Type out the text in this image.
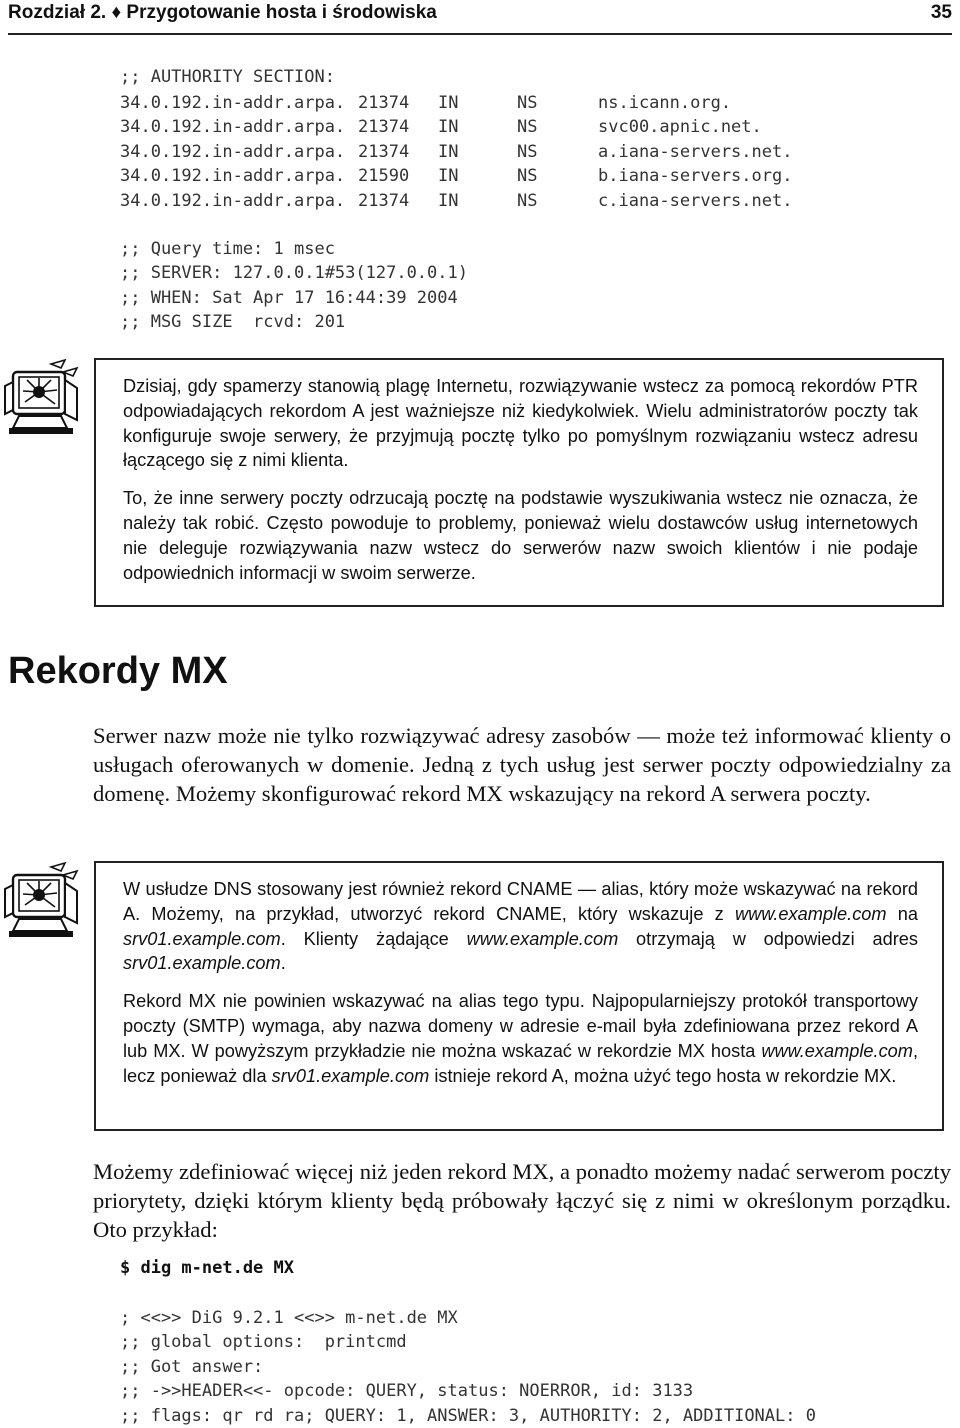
Rozdział 2. ♦ Przygotowanie hosta i środowiska	35
;; AUTHORITY SECTION:
34.0.192.in-addr.arpa. 21374 IN	NS	ns.icann.org.
34.0.192.in-addr.arpa. 21374 IN	NS	svc00.apnic.net.
34.0.192.in-addr.arpa. 21374 IN	NS	a.iana-servers.net.
34.0.192.in-addr.arpa. 21590 IN	NS	b.iana-servers.org.
34.0.192.in-addr.arpa. 21374 IN	NS	c.iana-servers.net.
;; Query time: 1 msec
;; SERVER: 127.0.0.1#53(127.0.0.1)
;; WHEN: Sat Apr 17 16:44:39 2004
;; MSG SIZE  rcvd: 201

Dzisiaj, gdy spamerzy stanowią plagę Internetu, rozwiązywanie wstecz za pomocą rekordów PTR odpowiadających rekordom A jest ważniejsze niż kiedykolwiek. Wielu administratorów poczty tak konfiguruje swoje serwery, że przyjmują pocztę tylko po pomyślnym rozwiązaniu wstecz adresu łączącego się z nimi klienta.

To, że inne serwery poczty odrzucają pocztę na podstawie wyszukiwania wstecz nie oznacza, że należy tak robić. Często powoduje to problemy, ponieważ wielu dostawców usług internetowych nie deleguje rozwiązywania nazw wstecz do serwerów nazw swoich klientów i nie podaje odpowiednich informacji w swoim serwerze.

Rekordy MX

Serwer nazw może nie tylko rozwiązywać adresy zasobów — może też informować klienty o usługach oferowanych w domenie. Jedną z tych usług jest serwer poczty odpowiedzialny za domenę. Możemy skonfigurować rekord MX wskazujący na rekord A serwera poczty.

W usłudze DNS stosowany jest również rekord CNAME — alias, który może wskazywać na rekord A. Możemy, na przykład, utworzyć rekord CNAME, który wskazuje z www.example.com na srv01.example.com. Klienty żądające www.example.com otrzymają w odpowiedzi adres srv01.example.com.

Rekord MX nie powinien wskazywać na alias tego typu. Najpopularniejszy protokół transportowy poczty (SMTP) wymaga, aby nazwa domeny w adresie e-mail była zdefiniowana przez rekord A lub MX. W powyższym przykładzie nie można wskazać w rekordzie MX hosta www.example.com, lecz ponieważ dla srv01.example.com istnieje rekord A, można użyć tego hosta w rekordzie MX.

Możemy zdefiniować więcej niż jeden rekord MX, a ponadto możemy nadać serwerom poczty priorytety, dzięki którym klienty będą próbowały łączyć się z nimi w określonym porządku. Oto przykład:

$ dig m-net.de MX
; <<>> DiG 9.2.1 <<>> m-net.de MX
;; global options:  printcmd
;; Got answer:
;; ->>HEADER<<- opcode: QUERY, status: NOERROR, id: 3133
;; flags: qr rd ra; QUERY: 1, ANSWER: 3, AUTHORITY: 2, ADDITIONAL: 0
